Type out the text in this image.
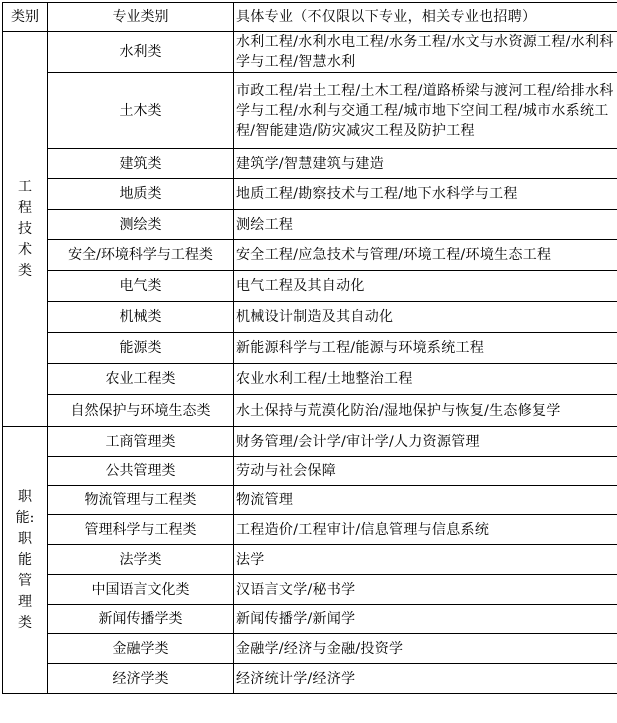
类别	专业类别	具体专业（不仅限以下专业，相关专业也招聘）
工程技术类	水利类	水利工程/水利水电工程/水务工程/水文与水资源工程/水利科学与工程/智慧水利
	土木类	市政工程/岩土工程/土木工程/道路桥梁与渡河工程/给排水科学与工程/水利与交通工程/城市地下空间工程/城市水系统工程/智能建造/防灾减灾工程及防护工程
	建筑类	建筑学/智慧建筑与建造
	地质类	地质工程/勘察技术与工程/地下水科学与工程
	测绘类	测绘工程
	安全/环境科学与工程类	安全工程/应急技术与管理/环境工程/环境生态工程
	电气类	电气工程及其自动化
	机械类	机械设计制造及其自动化
	能源类	新能源科学与工程/能源与环境系统工程
	农业工程类	农业水利工程/土地整治工程
	自然保护与环境生态类	水土保持与荒漠化防治/湿地保护与恢复/生态修复学
职能:职能管理类	工商管理类	财务管理/会计学/审计学/人力资源管理
	公共管理类	劳动与社会保障
	物流管理与工程类	物流管理
	管理科学与工程类	工程造价/工程审计/信息管理与信息系统
	法学类	法学
	中国语言文化类	汉语言文学/秘书学
	新闻传播学类	新闻传播学/新闻学
	金融学类	金融学/经济与金融/投资学
	经济学类	经济统计学/经济学
